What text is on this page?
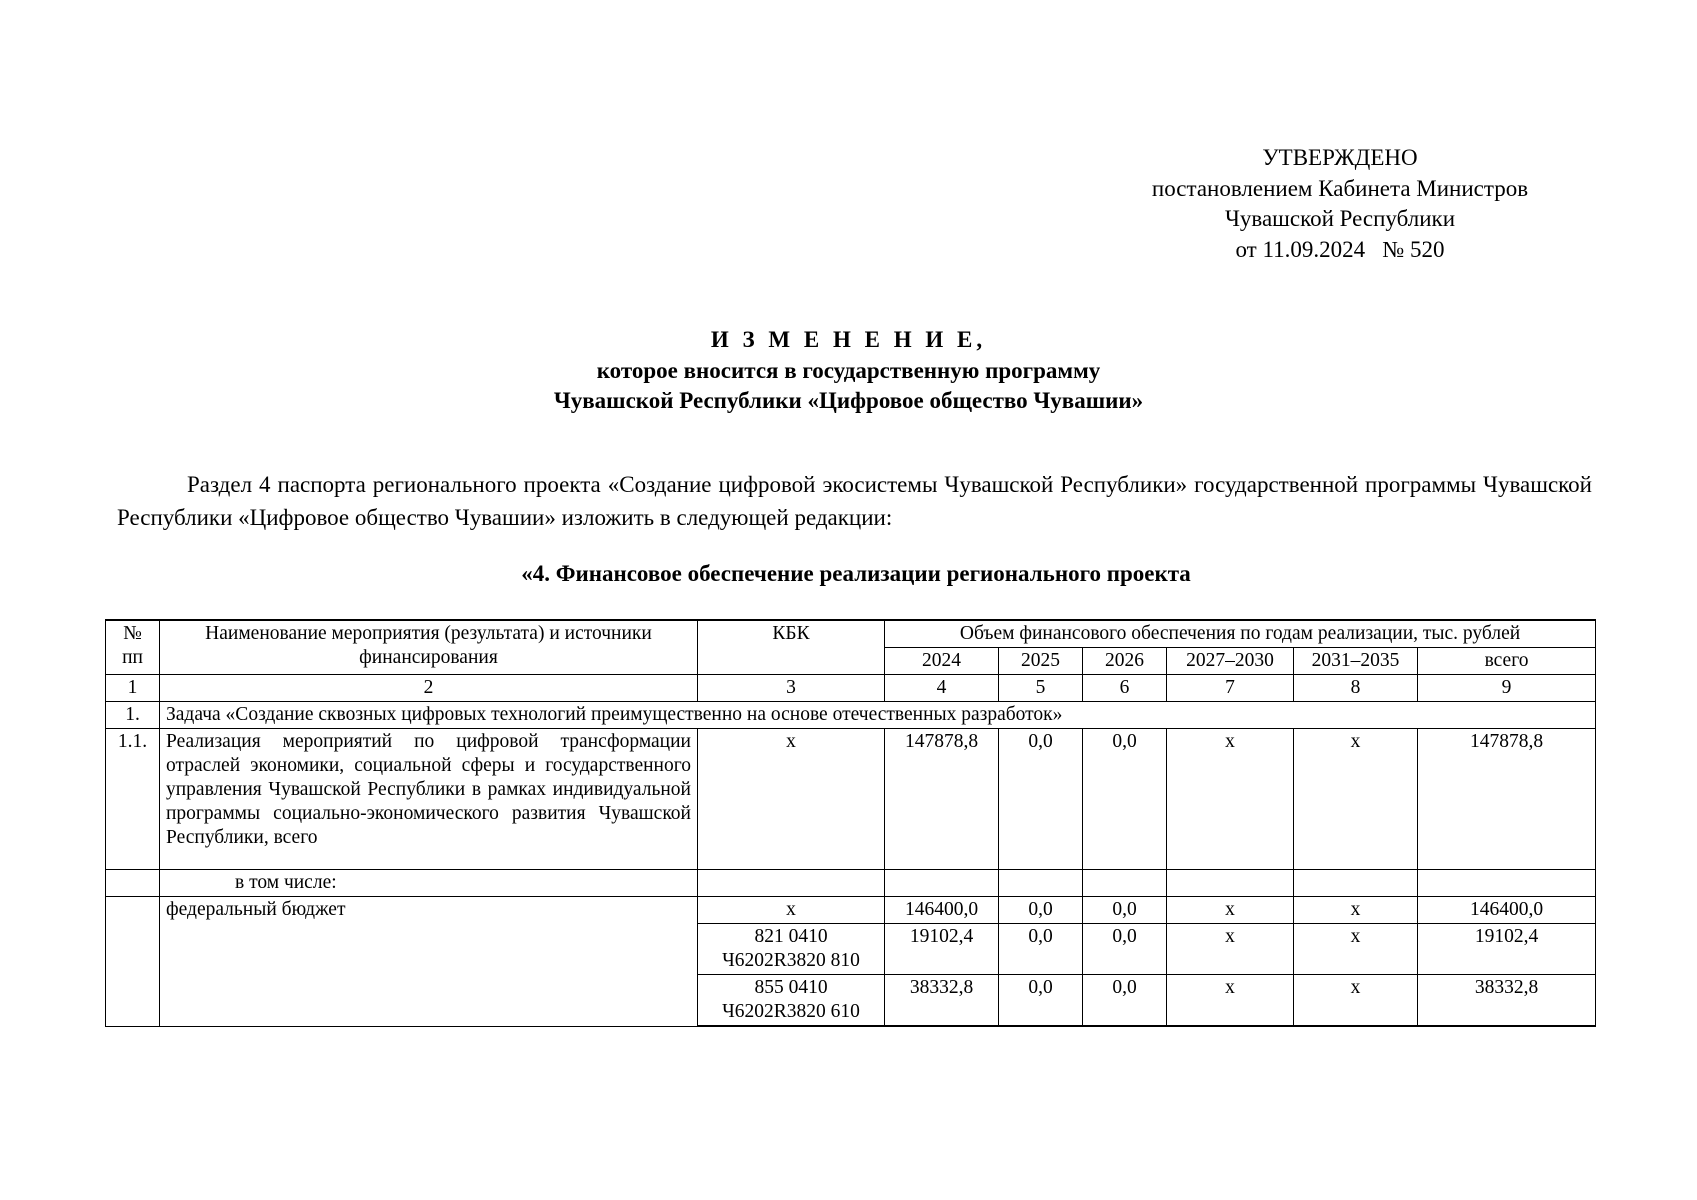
УТВЕРЖДЕНО
постановлением Кабинета Министров
Чувашской Республики
от 11.09.2024   № 520
И З М Е Н Е Н И Е,
которое вносится в государственную программу
Чувашской Республики «Цифровое общество Чувашии»
Раздел 4 паспорта регионального проекта «Создание цифровой экосистемы Чувашской Республики» государственной программы Чувашской Республики «Цифровое общество Чувашии» изложить в следующей редакции:
«4. Финансовое обеспечение реализации регионального проекта
№ пп	Наименование мероприятия (результата) и источники финансирования	КБК	Объем финансового обеспечения по годам реализации, тыс. рублей					
			2024	2025	2026	2027–2030	2031–2035	всего
1	2	3	4	5	6	7	8	9
1.	Задача «Создание сквозных цифровых технологий преимущественно на основе отечественных разработок»							
1.1.	Реализация мероприятий по цифровой трансформации отраслей экономики, социальной сферы и государственного управления Чувашской Республики в рамках индивидуальной программы социально-экономического развития Чувашской Республики, всего	x	147878,8	0,0	0,0	x	x	147878,8
	в том числе:							
	федеральный бюджет	x	146400,0	0,0	0,0	x	x	146400,0
		821 0410
Ч6202R3820 810	19102,4	0,0	0,0	x	x	19102,4
		855 0410
Ч6202R3820 610	38332,8	0,0	0,0	x	x	38332,8
